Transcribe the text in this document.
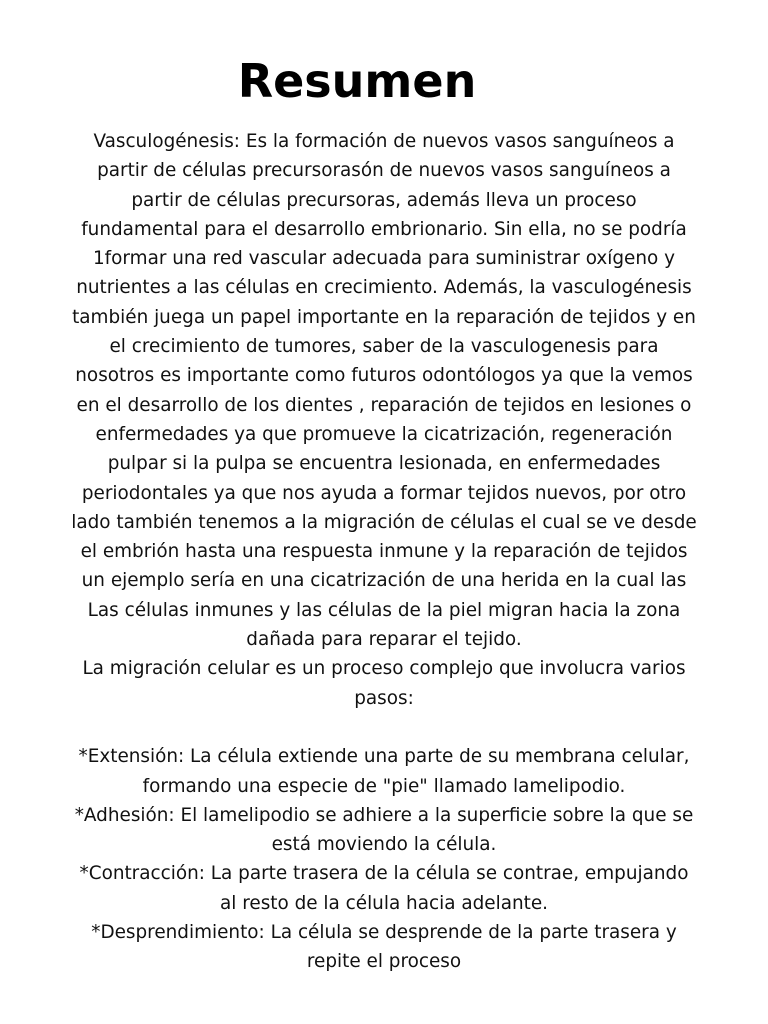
Resumen
Vasculogénesis: Es la formación de nuevos vasos sanguíneos a
partir de células precursorasón de nuevos vasos sanguíneos a
partir de células precursoras, además lleva un proceso
fundamental para el desarrollo embrionario. Sin ella, no se podría
1formar una red vascular adecuada para suministrar oxígeno y
nutrientes a las células en crecimiento. Además, la vasculogénesis
también juega un papel importante en la reparación de tejidos y en
el crecimiento de tumores, saber de la vasculogenesis para
nosotros es importante como futuros odontólogos ya que la vemos
en el desarrollo de los dientes , reparación de tejidos en lesiones o
enfermedades ya que promueve la cicatrización, regeneración
pulpar si la pulpa se encuentra lesionada, en enfermedades
periodontales ya que nos ayuda a formar tejidos nuevos, por otro
lado también tenemos a la migración de células el cual se ve desde
el embrión hasta una respuesta inmune y la reparación de tejidos
un ejemplo sería en una cicatrización de una herida en la cual las
Las células inmunes y las células de la piel migran hacia la zona
dañada para reparar el tejido.
La migración celular es un proceso complejo que involucra varios
pasos:
*Extensión: La célula extiende una parte de su membrana celular,
formando una especie de "pie" llamado lamelipodio.
*Adhesión: El lamelipodio se adhiere a la superficie sobre la que se
está moviendo la célula.
*Contracción: La parte trasera de la célula se contrae, empujando
al resto de la célula hacia adelante.
*Desprendimiento: La célula se desprende de la parte trasera y
repite el proceso
